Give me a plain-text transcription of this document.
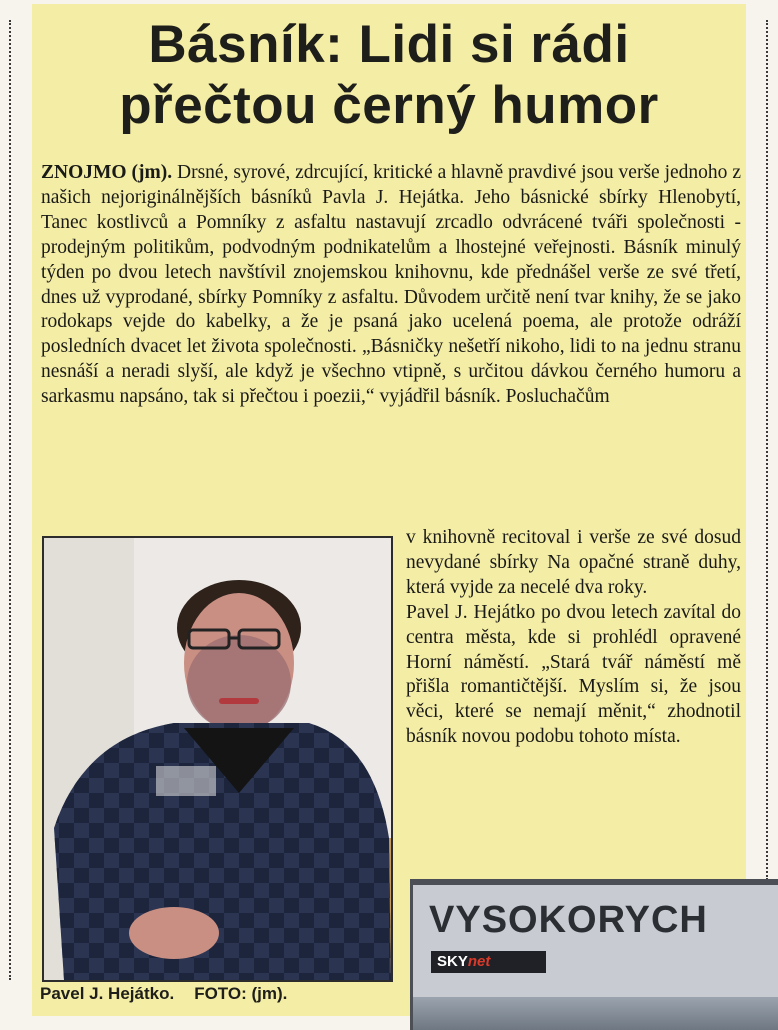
Básník: Lidi si rádi
přečtou černý humor
ZNOJMO (jm). Drsné, syrové, zdrcující, kritické a hlavně pravdivé jsou verše jednoho z našich nejoriginálnějších básníků Pavla J. Hejátka. Jeho básnické sbírky Hlenobytí, Tanec kostlivců a Pomníky z asfaltu nastavují zrcadlo odvrácené tváři společnosti - prodejným politikům, podvodným podnikatelům a lhostejné veřejnosti. Básník minulý týden po dvou letech navštívil znojemskou knihovnu, kde přednášel verše ze své třetí, dnes už vyprodané, sbírky Pomníky z asfaltu. Důvodem určitě není tvar knihy, že se jako rodokaps vejde do kabelky, a že je psaná jako ucelená poema, ale protože odráží posledních dvacet let života společnosti. „Básničky nešetří nikoho, lidi to na jednu stranu nesnáší a neradi slyší, ale když je všechno vtipně, s určitou dávkou černého humoru a sarkasmu napsáno, tak si přečtou i poezii,“ vyjádřil básník. Posluchačům
Pavel J. Hejátko. FOTO: (jm).

v knihovně recitoval i verše ze své dosud nevydané sbírky Na opačné straně duhy, která vyjde za necelé dva roky.

Pavel J. Hejátko po dvou letech zavítal do centra města, kde si prohlédl opravené Horní náměstí. „Stará tvář náměstí mě přišla romantičtější. Myslím si, že jsou věci, které se nemají měnit,“ zhodnotil básník novou podobu tohoto místa.

VYSOKORYCH
SKYnet
